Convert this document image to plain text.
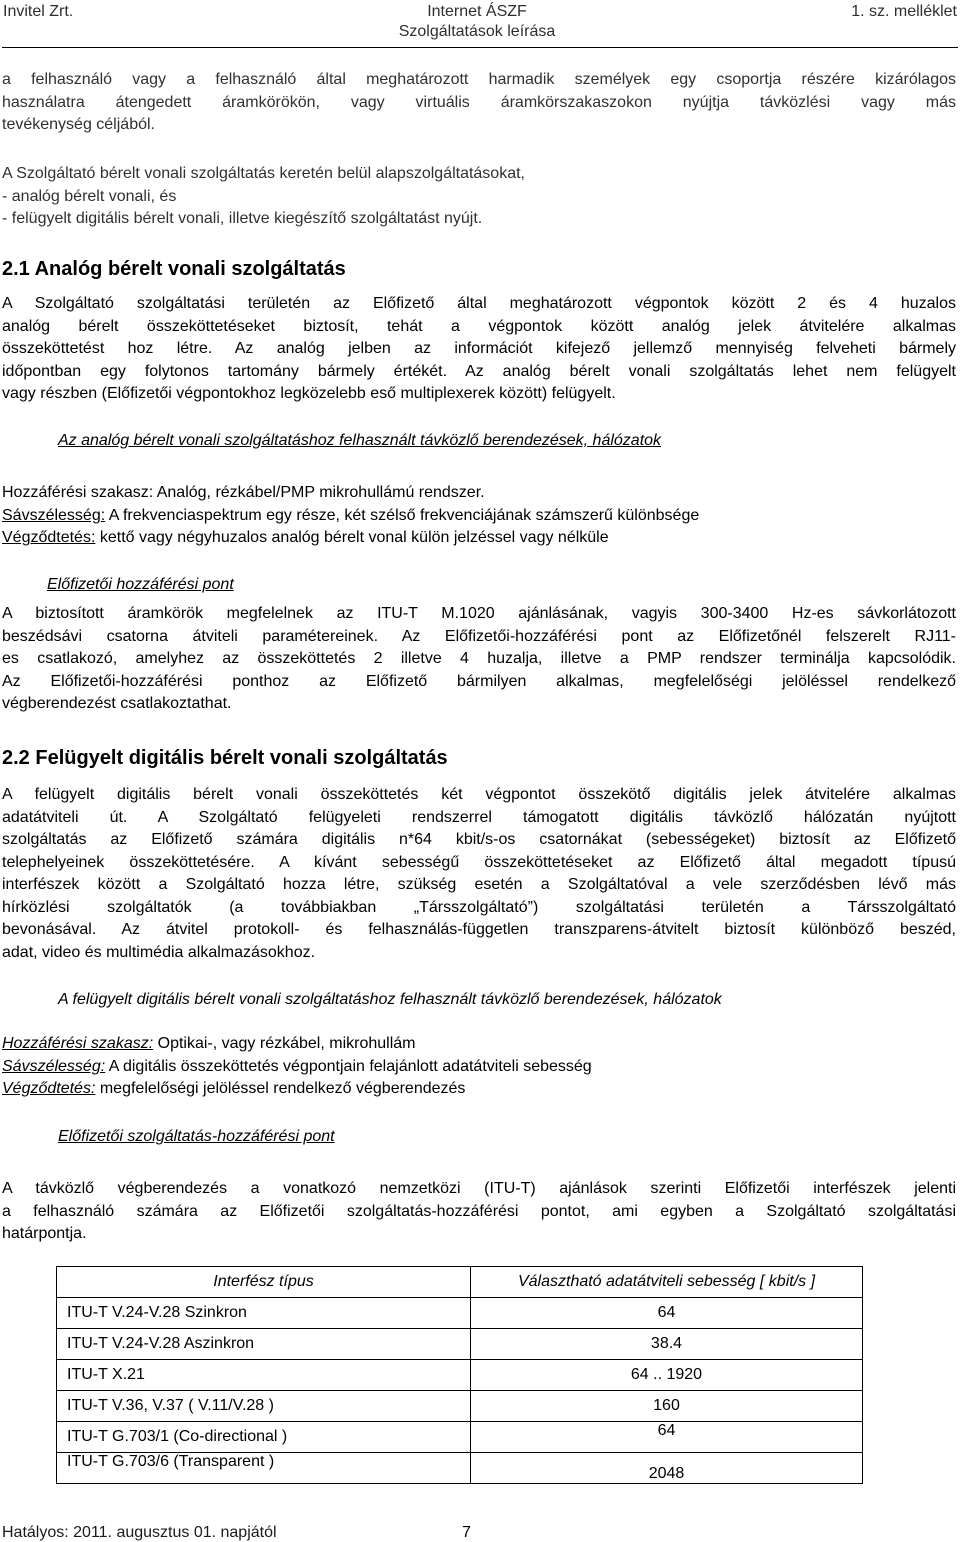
Invitel Zrt.	Internet ÁSZF
Szolgáltatások leírása
1. sz. melléklet
a felhasználó vagy a felhasználó által meghatározott harmadik személyek egy csoportja részére kizárólagos
használatra átengedett áramkörökön, vagy virtuális áramkörszakaszokon nyújtja távközlési vagy más
tevékenység céljából.
A Szolgáltató bérelt vonali szolgáltatás keretén belül alapszolgáltatásokat,
- analóg bérelt vonali, és
- felügyelt digitális bérelt vonali, illetve kiegészítő szolgáltatást nyújt.
2.1 Analóg bérelt vonali szolgáltatás
A Szolgáltató szolgáltatási területén az Előfizető által meghatározott végpontok között 2 és 4 huzalos
analóg bérelt összeköttetéseket biztosít, tehát a végpontok között analóg jelek átvitelére alkalmas
összeköttetést hoz létre. Az analóg jelben az információt kifejező jellemző mennyiség felveheti bármely
időpontban egy folytonos tartomány bármely értékét. Az analóg bérelt vonali szolgáltatás lehet nem felügyelt
vagy részben (Előfizetői végpontokhoz legközelebb eső multiplexerek között) felügyelt.
Az analóg bérelt vonali szolgáltatáshoz felhasznált távközlő berendezések, hálózatok
Hozzáférési szakasz: Analóg, rézkábel/PMP mikrohullámú rendszer.
Sávszélesség: A frekvenciaspektrum egy része, két szélső frekvenciájának számszerű különbsége
Végződtetés: kettő vagy négyhuzalos analóg bérelt vonal külön jelzéssel vagy nélküle
Előfizetői hozzáférési pont
A biztosított áramkörök megfelelnek az ITU-T M.1020 ajánlásának, vagyis 300-3400 Hz-es sávkorlátozott
beszédsávi csatorna átviteli paramétereinek. Az Előfizetői-hozzáférési pont az Előfizetőnél felszerelt RJ11-
es csatlakozó, amelyhez az összeköttetés 2 illetve 4 huzalja, illetve a PMP rendszer terminálja kapcsolódik.
Az Előfizetői-hozzáférési ponthoz az Előfizető bármilyen alkalmas, megfelelőségi jelöléssel rendelkező
végberendezést csatlakoztathat.
2.2 Felügyelt digitális bérelt vonali szolgáltatás
A felügyelt digitális bérelt vonali összeköttetés két végpontot összekötő digitális jelek átvitelére alkalmas
adatátviteli út. A Szolgáltató felügyeleti rendszerrel támogatott digitális távközlő hálózatán nyújtott
szolgáltatás az Előfizető számára digitális n*64 kbit/s-os csatornákat (sebességeket) biztosít az Előfizető
telephelyeinek összeköttetésére. A kívánt sebességű összeköttetéseket az Előfizető által megadott típusú
interfészek között a Szolgáltató hozza létre, szükség esetén a Szolgáltatóval a vele szerződésben lévő más
hírközlési szolgáltatók (a továbbiakban „Társszolgáltató”) szolgáltatási területén a Társszolgáltató
bevonásával. Az átvitel protokoll- és felhasználás-független transzparens-átvitelt biztosít különböző beszéd,
adat, video és multimédia alkalmazásokhoz.
A felügyelt digitális bérelt vonali szolgáltatáshoz felhasznált távközlő berendezések, hálózatok
Hozzáférési szakasz: Optikai-, vagy rézkábel, mikrohullám
Sávszélesség: A digitális összeköttetés végpontjain felajánlott adatátviteli sebesség
Végződtetés: megfelelőségi jelöléssel rendelkező végberendezés
Előfizetői szolgáltatás-hozzáférési pont
A távközlő végberendezés a vonatkozó nemzetközi (ITU-T) ajánlások szerinti Előfizetői interfészek jelenti
a felhasználó számára az Előfizetői szolgáltatás-hozzáférési pontot, ami egyben a Szolgáltató szolgáltatási
határpontja.
Interfész típus	Választható adatátviteli sebesség [ kbit/s ]
ITU-T V.24-V.28 Szinkron	64
ITU-T V.24-V.28 Aszinkron	38.4
ITU-T X.21	64 .. 1920
ITU-T V.36, V.37 ( V.11/V.28 )	160
ITU-T G.703/1 (Co-directional )	64
ITU-T G.703/6 (Transparent )	2048
Hatályos: 2011. augusztus 01. napjától	7
